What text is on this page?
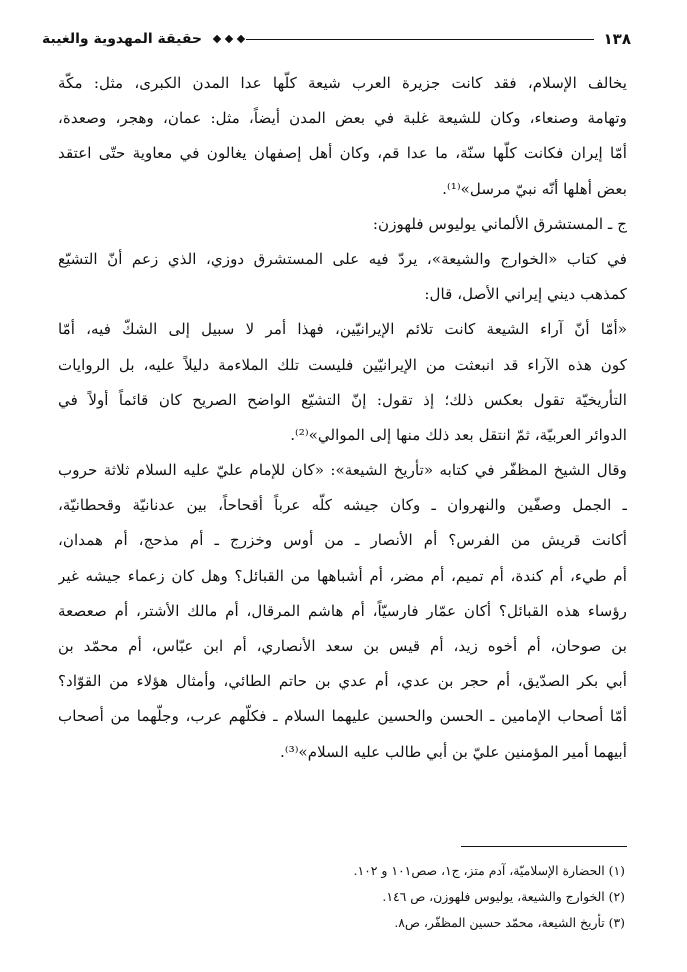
١٣٨
حقيقة المهدوية والغيبة
يخالف الإسلام، فقد كانت جزيرة العرب شيعة كلّها عدا المدن الكبرى، مثل: مكّة
وتهامة وصنعاء، وكان للشيعة غلبة في بعض المدن أيضاً، مثل: عمان، وهجر، وصعدة،
أمّا إيران فكانت كلّها سنّة، ما عدا قم، وكان أهل إصفهان يغالون في معاوية حتّى اعتقد
بعض أهلها أنّه نبيّ مرسل»⁽¹⁾.
ج ـ المستشرق الألماني يوليوس فلهوزن:
في كتاب «الخوارج والشيعة»، يردّ فيه على المستشرق دوزي، الذي زعم أنّ التشيّع
كمذهب ديني إيراني الأصل، قال:
«أمّا أنّ آراء الشيعة كانت تلائم الإيرانيّين، فهذا أمر لا سبيل إلى الشكّ فيه، أمّا
كون هذه الآراء قد انبعثت من الإيرانيّين فليست تلك الملاءمة دليلاً عليه، بل الروايات
التأريخيّة تقول بعكس ذلك؛ إذ تقول: إنّ التشيّع الواضح الصريح كان قائماً أولاً في
الدوائر العربيّة، ثمّ انتقل بعد ذلك منها إلى الموالي»⁽²⁾.
وقال الشيخ المظفّر في كتابه «تأريخ الشيعة»: «كان للإمام عليّ عليه السلام ثلاثة حروب
ـ الجمل وصفّين والنهروان ـ وكان جيشه كلّه عرباً أقحاحاً، بين عدنانيّة وقحطانيّة،
أكانت قريش من الفرس؟ أم الأنصار ـ من أوس وخزرج ـ أم مذحج، أم همدان،
أم طيء، أم كندة، أم تميم، أم مضر، أم أشباهها من القبائل؟ وهل كان زعماء جيشه غير
رؤساء هذه القبائل؟ أكان عمّار فارسيّاً، أم هاشم المرقال، أم مالك الأشتر، أم صعصعة
بن صوحان، أم أخوه زيد، أم قيس بن سعد الأنصاري، أم ابن عبّاس، أم محمّد بن
أبي بكر الصدّيق، أم حجر بن عدي، أم عدي بن حاتم الطائي، وأمثال هؤلاء من القوّاد؟
أمّا أصحاب الإمامين ـ الحسن والحسين عليهما السلام ـ فكلّهم عرب، وجلّهما من أصحاب
أبيهما أمير المؤمنين عليّ بن أبي طالب عليه السلام»⁽³⁾.
(١) الحضارة الإسلاميّة، آدم متز، ج١، صص١٠١ و ١٠٢.
(٢) الخوارج والشيعة، يوليوس فلهوزن، ص ١٤٦.
(٣) تأريخ الشيعة، محمّد حسين المظفّر، ص٨.
